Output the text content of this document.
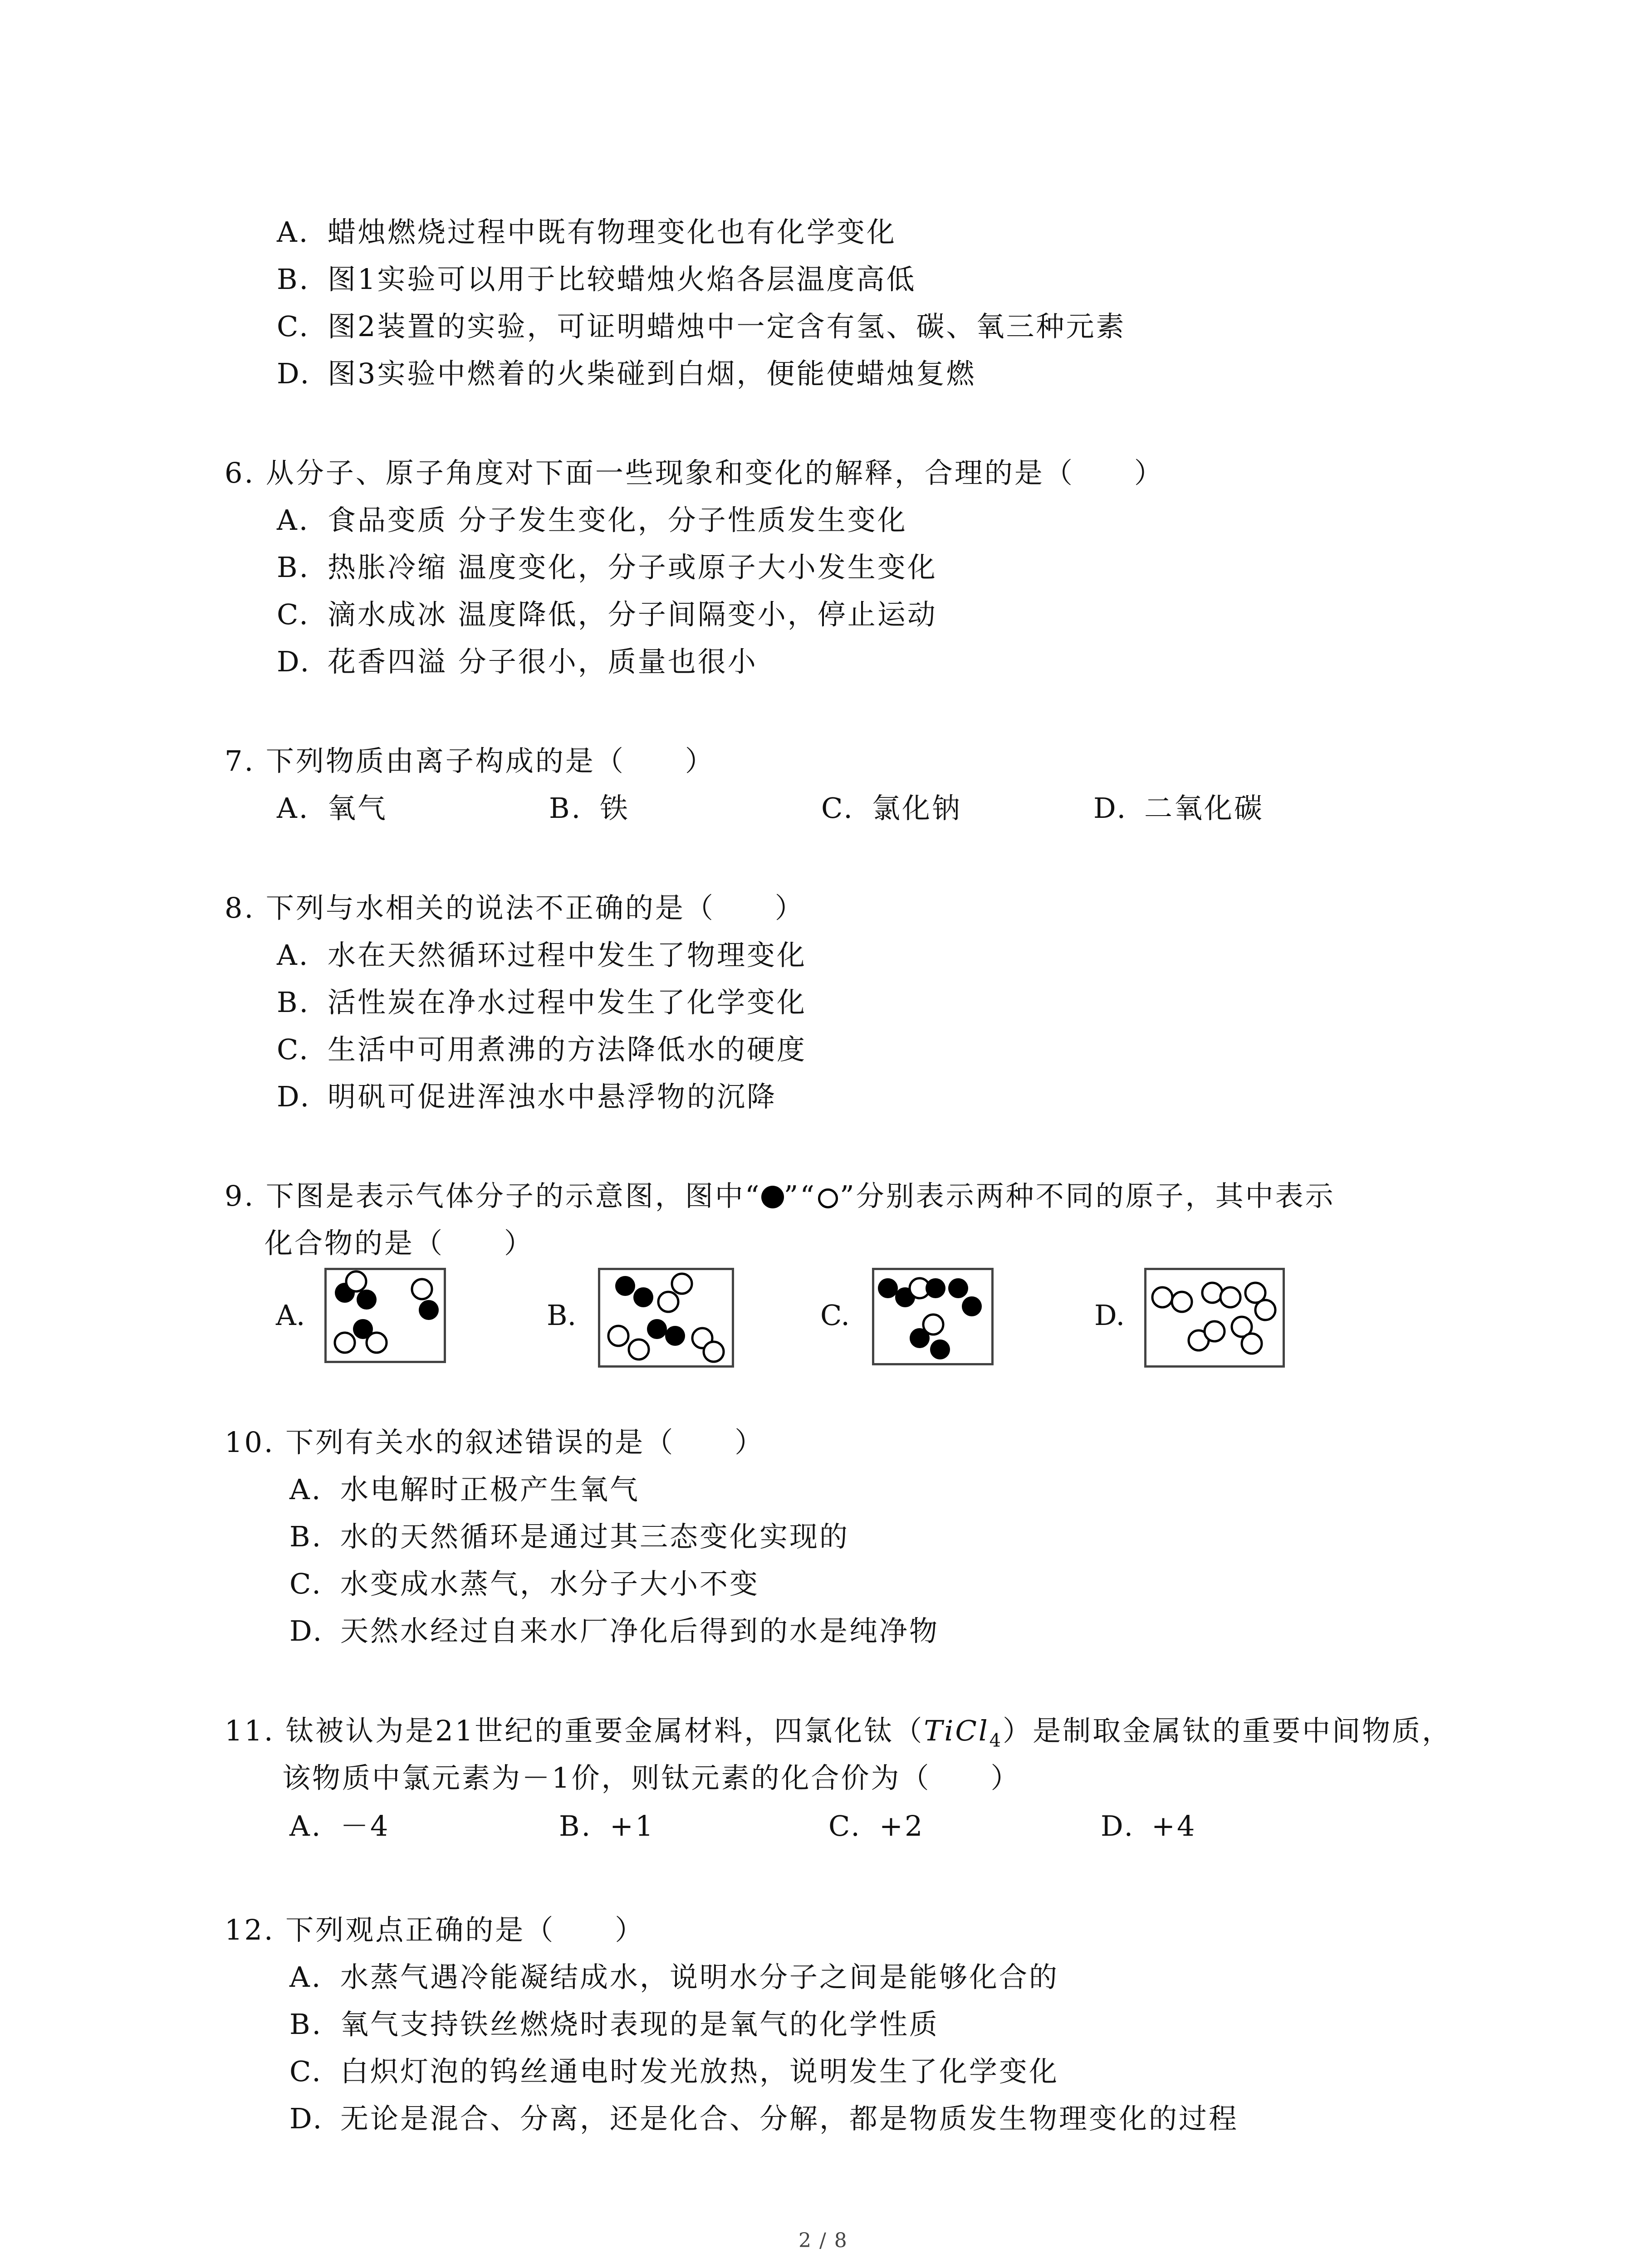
A. 蜡烛燃烧过程中既有物理变化也有化学变化
B. 图1实验可以用于比较蜡烛火焰各层温度高低
C. 图2装置的实验，可证明蜡烛中一定含有氢、碳、氧三种元素
D. 图3实验中燃着的火柴碰到白烟，便能使蜡烛复燃
6. 从分子、原子角度对下面一些现象和变化的解释，合理的是（　　）
A. 食品变质 分子发生变化，分子性质发生变化
B. 热胀冷缩 温度变化，分子或原子大小发生变化
C. 滴水成冰 温度降低，分子间隔变小，停止运动
D. 花香四溢 分子很小，质量也很小
7. 下列物质由离子构成的是（　　）
A. 氧气	B. 铁	C. 氯化钠	D. 二氧化碳
8. 下列与水相关的说法不正确的是（　　）
A. 水在天然循环过程中发生了物理变化
B. 活性炭在净水过程中发生了化学变化
C. 生活中可用煮沸的方法降低水的硬度
D. 明矾可促进浑浊水中悬浮物的沉降
9. 下图是表示气体分子的示意图，图中“ ”“ ”分别表示两种不同的原子，其中表示
化合物的是（　　）
A.	B.	C.	D.
10. 下列有关水的叙述错误的是（　　）
A. 水电解时正极产生氧气
B. 水的天然循环是通过其三态变化实现的
C. 水变成水蒸气，水分子大小不变
D. 天然水经过自来水厂净化后得到的水是纯净物
11. 钛被认为是21世纪的重要金属材料，四氯化钛（TiCl$_4$）是制取金属钛的重要中间物质，
该物质中氯元素为－1价，则钛元素的化合价为（　　）
A. －4	B. +1	C. +2	D. +4
12. 下列观点正确的是（　　）
A. 水蒸气遇冷能凝结成水，说明水分子之间是能够化合的
B. 氧气支持铁丝燃烧时表现的是氧气的化学性质
C. 白炽灯泡的钨丝通电时发光放热，说明发生了化学变化
D. 无论是混合、分离，还是化合、分解，都是物质发生物理变化的过程
2 / 8
